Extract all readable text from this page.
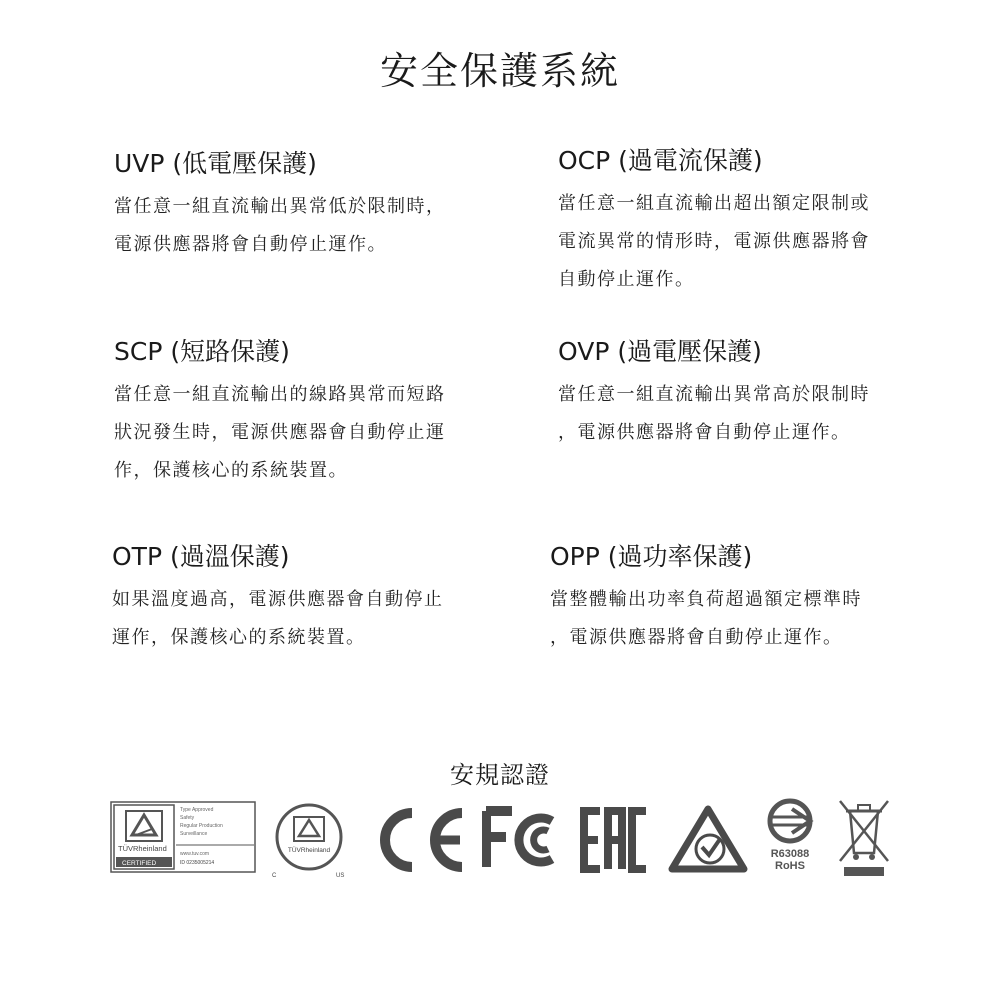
安全保護系統
UVP (低電壓保護)
當任意一組直流輸出異常低於限制時，
電源供應器將會自動停止運作。
OCP (過電流保護)
當任意一組直流輸出超出額定限制或
電流異常的情形時，電源供應器將會
自動停止運作。
SCP (短路保護)
當任意一組直流輸出的線路異常而短路
狀況發生時，電源供應器會自動停止運
作，保護核心的系統裝置。
OVP (過電壓保護)
當任意一組直流輸出異常高於限制時
，電源供應器將會自動停止運作。
OTP (過溫保護)
如果溫度過高，電源供應器會自動停止
運作，保護核心的系統裝置。
OPP (過功率保護)
當整體輸出功率負荷超過額定標準時
，電源供應器將會自動停止運作。
安規認證
TÜVRheinland
CERTIFIED
Type Approved
Safety
Regular Production
Surveillance
www.tuv.com
ID 0235005214
TÜVRheinland
C	US
R63088
RoHS
